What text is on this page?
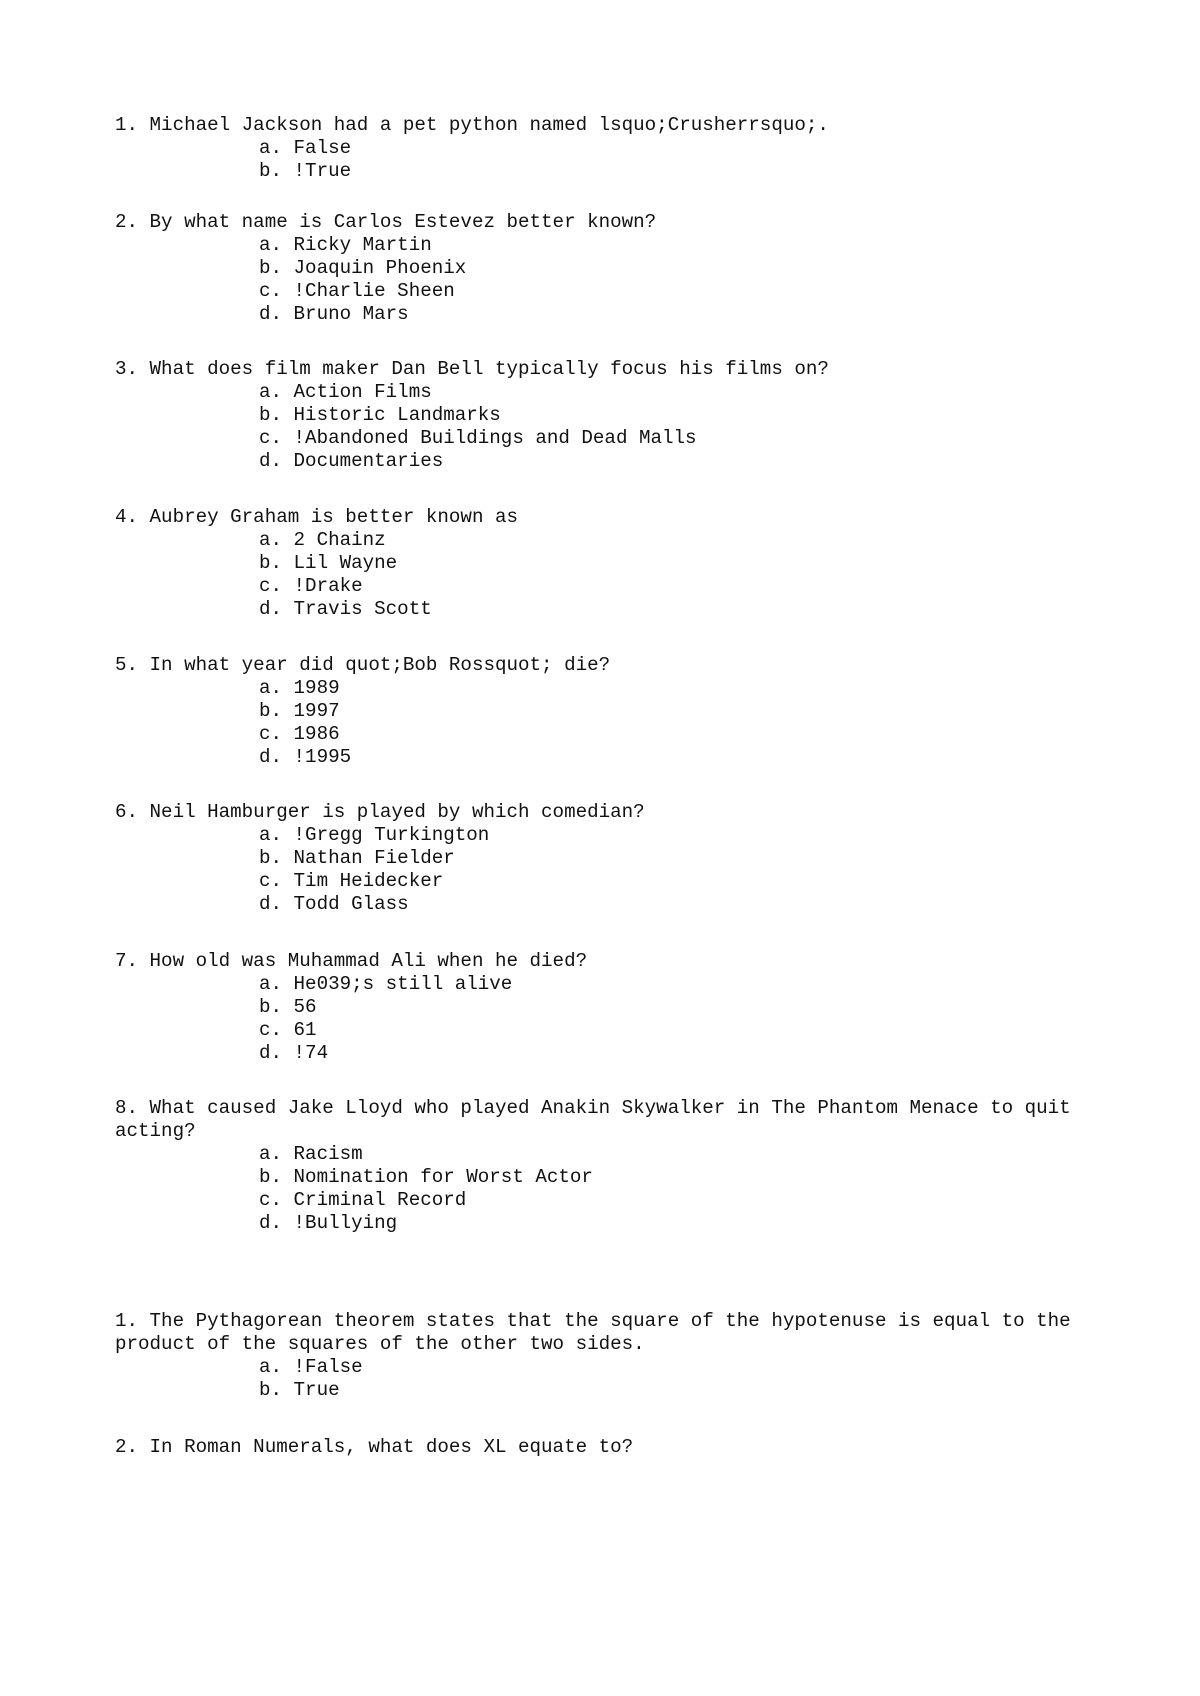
1. Michael Jackson had a pet python named lsquo;Crusherrsquo;.

a. False
b. !True

2. By what name is Carlos Estevez better known?

a. Ricky Martin
b. Joaquin Phoenix
c. !Charlie Sheen
d. Bruno Mars

3. What does film maker Dan Bell typically focus his films on?

a. Action Films
b. Historic Landmarks
c. !Abandoned Buildings and Dead Malls
d. Documentaries

4. Aubrey Graham is better known as

a. 2 Chainz
b. Lil Wayne
c. !Drake
d. Travis Scott

5. In what year did quot;Bob Rossquot; die?

a. 1989
b. 1997
c. 1986
d. !1995

6. Neil Hamburger is played by which comedian?

a. !Gregg Turkington
b. Nathan Fielder
c. Tim Heidecker
d. Todd Glass

7. How old was Muhammad Ali when he died?

a. He039;s still alive
b. 56
c. 61
d. !74

8. What caused Jake Lloyd who played Anakin Skywalker in The Phantom Menace to quit acting?

a. Racism
b. Nomination for Worst Actor
c. Criminal Record
d. !Bullying

1. The Pythagorean theorem states that the square of the hypotenuse is equal to the product of the squares of the other two sides.

a. !False
b. True

2. In Roman Numerals, what does XL equate to?
